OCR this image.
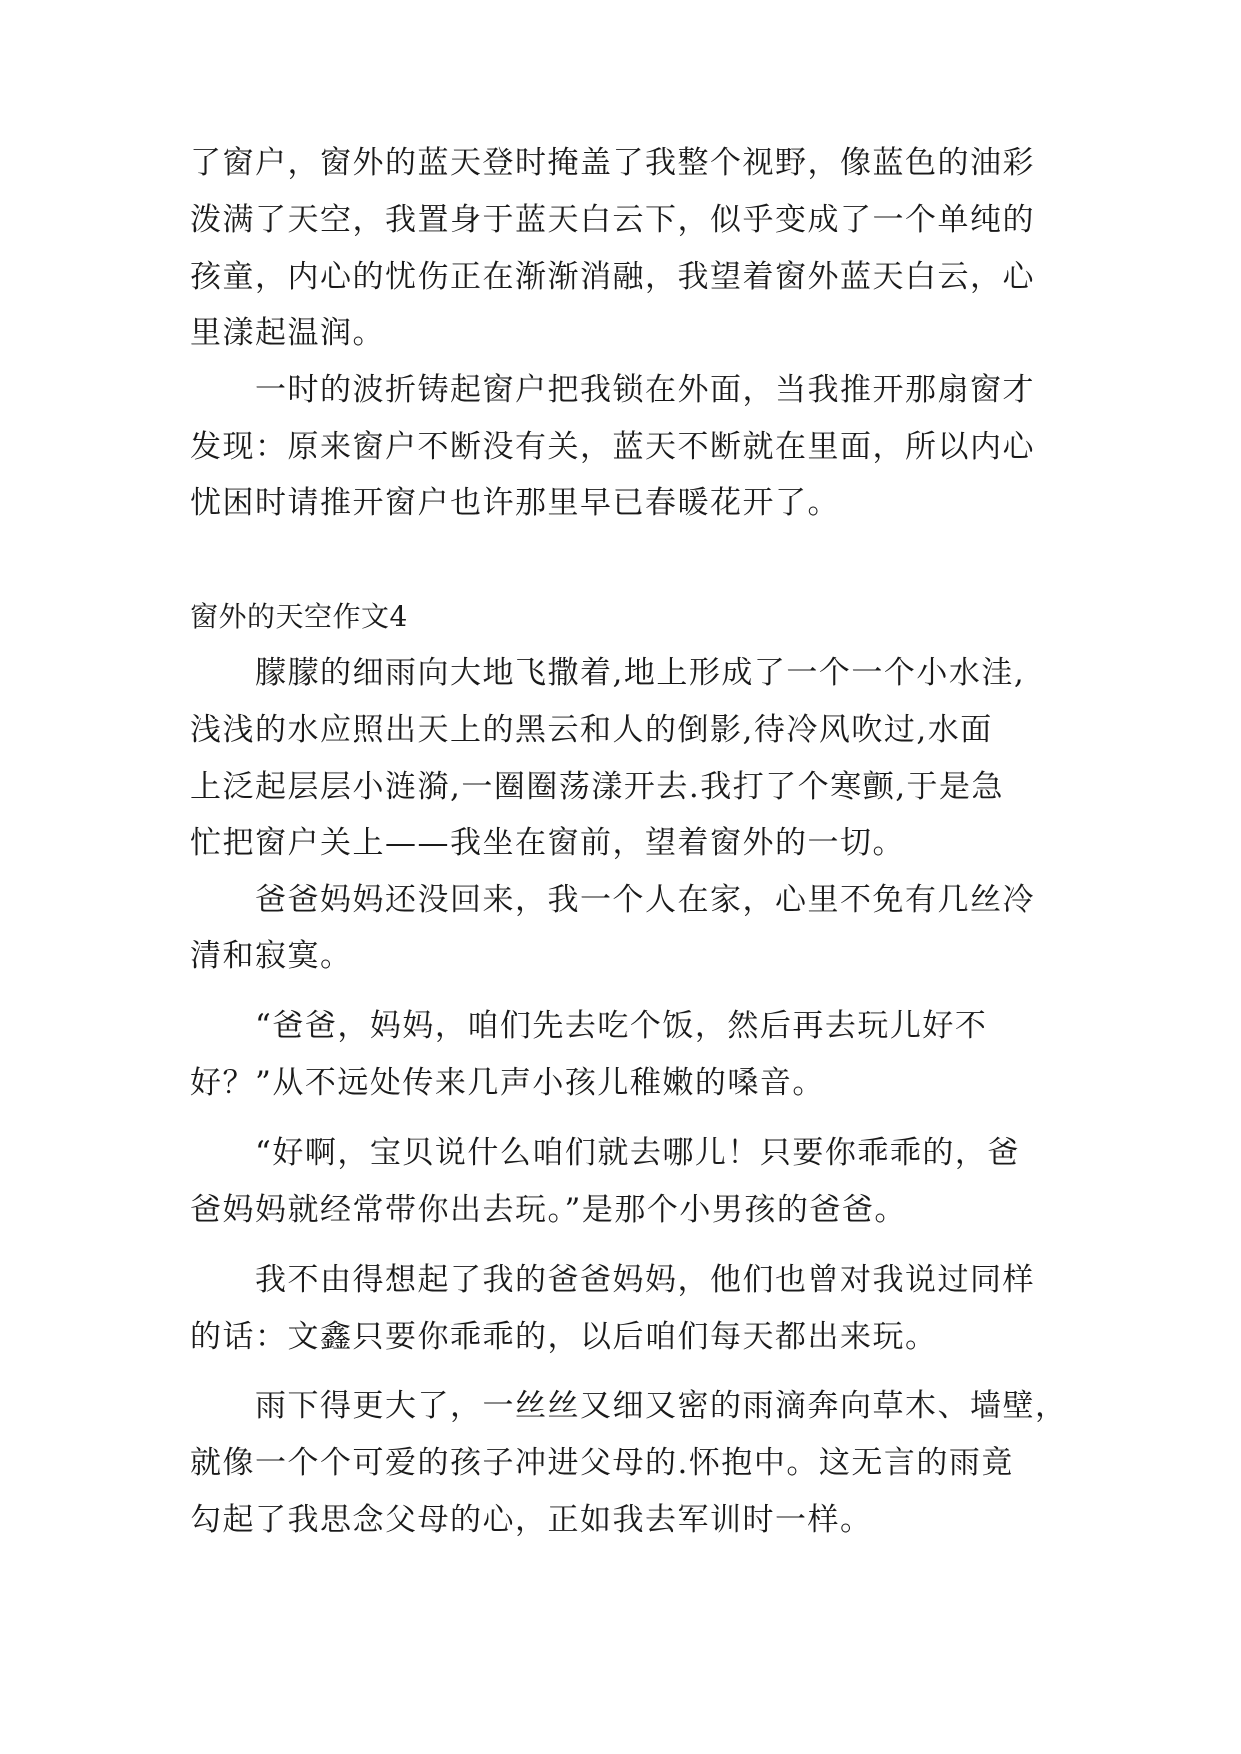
了窗户，窗外的蓝天登时掩盖了我整个视野，像蓝色的油彩
泼满了天空，我置身于蓝天白云下，似乎变成了一个单纯的
孩童，内心的忧伤正在渐渐消融，我望着窗外蓝天白云，心
里漾起温润。
一时的波折铸起窗户把我锁在外面，当我推开那扇窗才
发现：原来窗户不断没有关，蓝天不断就在里面，所以内心
忧困时请推开窗户也许那里早已春暖花开了。
窗外的天空作文4
朦朦的细雨向大地飞撒着,地上形成了一个一个小水洼,
浅浅的水应照出天上的黑云和人的倒影,待冷风吹过,水面
上泛起层层小涟漪,一圈圈荡漾开去.我打了个寒颤,于是急
忙把窗户关上——我坐在窗前，望着窗外的一切。
爸爸妈妈还没回来，我一个人在家，心里不免有几丝冷
清和寂寞。
“爸爸，妈妈，咱们先去吃个饭，然后再去玩儿好不
好？”从不远处传来几声小孩儿稚嫩的嗓音。
“好啊，宝贝说什么咱们就去哪儿！只要你乖乖的，爸
爸妈妈就经常带你出去玩。”是那个小男孩的爸爸。
我不由得想起了我的爸爸妈妈，他们也曾对我说过同样
的话：文鑫只要你乖乖的，以后咱们每天都出来玩。
雨下得更大了，一丝丝又细又密的雨滴奔向草木、墙壁，
就像一个个可爱的孩子冲进父母的.怀抱中。这无言的雨竟
勾起了我思念父母的心，正如我去军训时一样。
